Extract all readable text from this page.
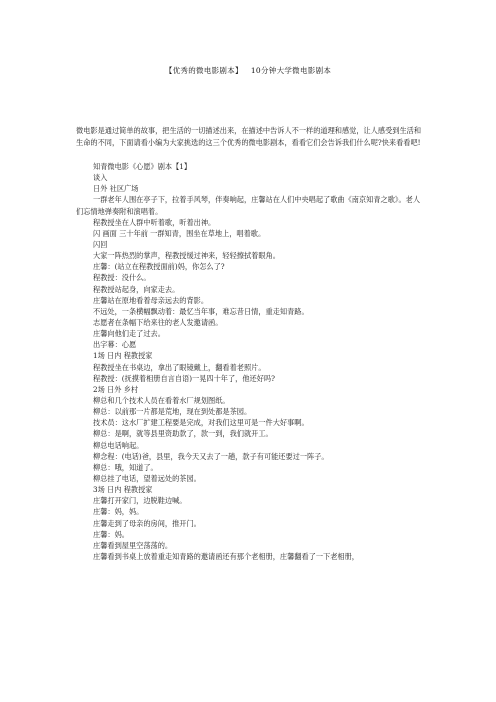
【优秀的微电影剧本】 10分钟大学微电影剧本

微电影是通过简单的故事，把生活的一切描述出来，在描述中告诉人不一样的道理和感觉，让人感受到生活和生命的不同，下面请看小编为大家挑选的这三个优秀的微电影剧本，看看它们会告诉我们什么呢?快来看看吧!

知青微电影《心愿》剧本【1】
谈入
日外 社区广场
一群老年人围在亭子下，拉着手风琴，伴奏响起，庄馨站在人们中央唱起了歌曲《南京知青之歌》。老人们忘情地弹奏附和演唱着。
程教授坐在人群中听着歌，听着出神。
闪 画面 三十年前 一群知青，围坐在草地上，唱着歌。
闪回
大家一阵热烈的掌声，程教授缓过神来，轻轻擦拭着眼角。
庄馨：(站立在程教授面前)妈，你怎么了?
程教授：没什么。
程教授站起身，向家走去。
庄馨站在原地看着母亲远去的背影。
不远处，一条横幅飘动着：最忆当年事，难忘昔日情，重走知青路。
志愿者在条幅下给来往的老人发邀请函。
庄馨向他们走了过去。
出字幕：心愿
1场 日内 程教授家
程教授坐在书桌边，拿出了眼镜戴上，翻看着老照片。
程教授：(抚摸着相册自言自语)一晃四十年了，他还好吗?
2场 日外 乡村
柳总和几个技术人员在看着水厂规划图纸。
柳总：以前那一片都是荒地，现在到处都是茶园。
技术员：这水厂扩建工程要是完成，对我们这里可是一件大好事啊。
柳总：是啊，就等县里资助款了，款一到，我们就开工。
柳总电话响起。
柳念程：(电话)爸，县里，我今天又去了一趟，款子有可能还要过一阵子。
柳总：哦，知道了。
柳总挂了电话，望着远处的茶园。
3场 日内 程教授家
庄馨打开家门，边脱鞋边喊。
庄馨：妈，妈。
庄馨走到了母亲的房间，推开门。
庄馨：妈。
庄馨看到屋里空荡荡的。
庄馨看到书桌上放着重走知青路的邀请函还有那个老相册，庄馨翻看了一下老相册，
